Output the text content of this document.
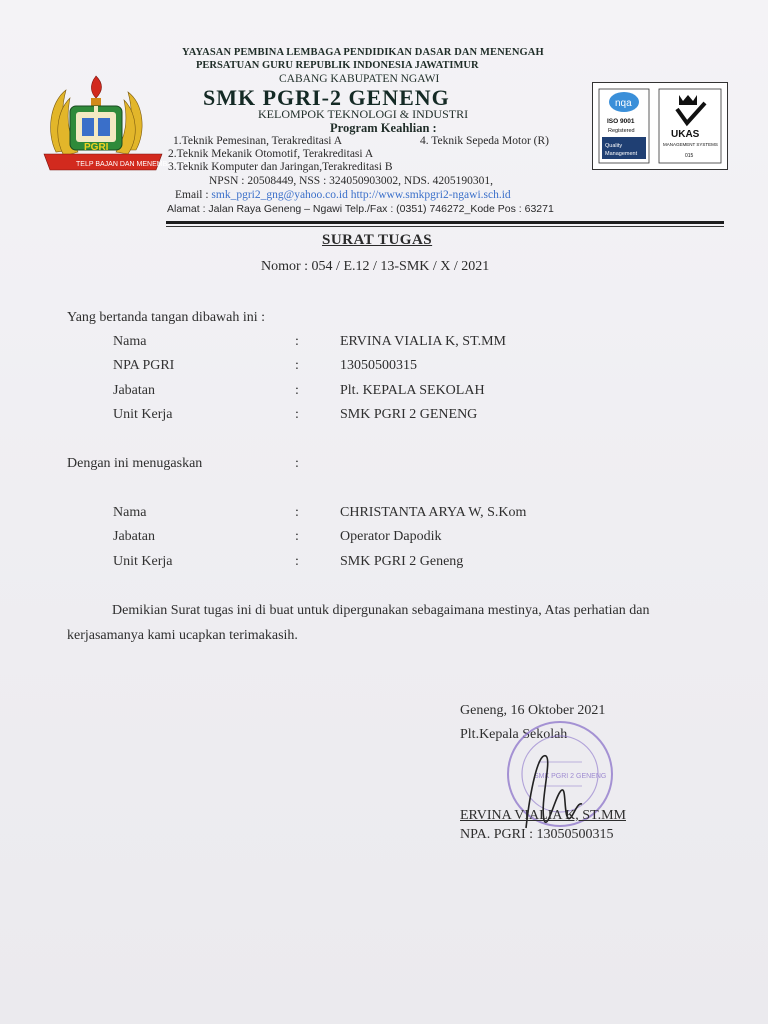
TELP BAJAN DAN MENEMBAN PGRI
PGRI
YAYASAN PEMBINA LEMBAGA PENDIDIKAN DASAR DAN MENENGAH
PERSATUAN GURU REPUBLIK INDONESIA JAWATIMUR
CABANG KABUPATEN NGAWI
SMK PGRI-2 GENENG
KELOMPOK TEKNOLOGI & INDUSTRI
Program Keahlian :
1.Teknik Pemesinan, Terakreditasi A
2.Teknik Mekanik Otomotif, Terakreditasi A
3.Teknik Komputer dan Jaringan,Terakreditasi B
4. Teknik Sepeda Motor (R)
NPSN : 20508449, NSS : 324050903002, NDS. 4205190301,
Email : smk_pgri2_gng@yahoo.co.id http://www.smkpgri2-ngawi.sch.id
Alamat : Jalan Raya Geneng – Ngawi Telp./Fax : (0351) 746272_Kode Pos : 63271
nqa
ISO 9001
Registered
Quality
Management
UKAS
MANAGEMENT SYSTEMS
015
SURAT TUGAS
Nomor : 054 / E.12 / 13-SMK / X / 2021
Yang bertanda tangan dibawah ini :
Nama	:	ERVINA VIALIA K, ST.MM
NPA PGRI	:	13050500315
Jabatan	:	Plt. KEPALA SEKOLAH
Unit Kerja	:	SMK PGRI 2 GENENG
Dengan ini menugaskan	:
Nama	:	CHRISTANTA ARYA W, S.Kom
Jabatan	:	Operator Dapodik
Unit Kerja	:	SMK PGRI 2 Geneng
Demikian Surat tugas ini di buat untuk dipergunakan sebagaimana mestinya, Atas perhatian dan
kerjasamanya kami ucapkan terimakasih.
Geneng, 16 Oktober 2021
Plt.Kepala Sekolah
SMK PGRI 2 GENENG
ERVINA VIALIA K, ST.MM
NPA. PGRI : 13050500315
